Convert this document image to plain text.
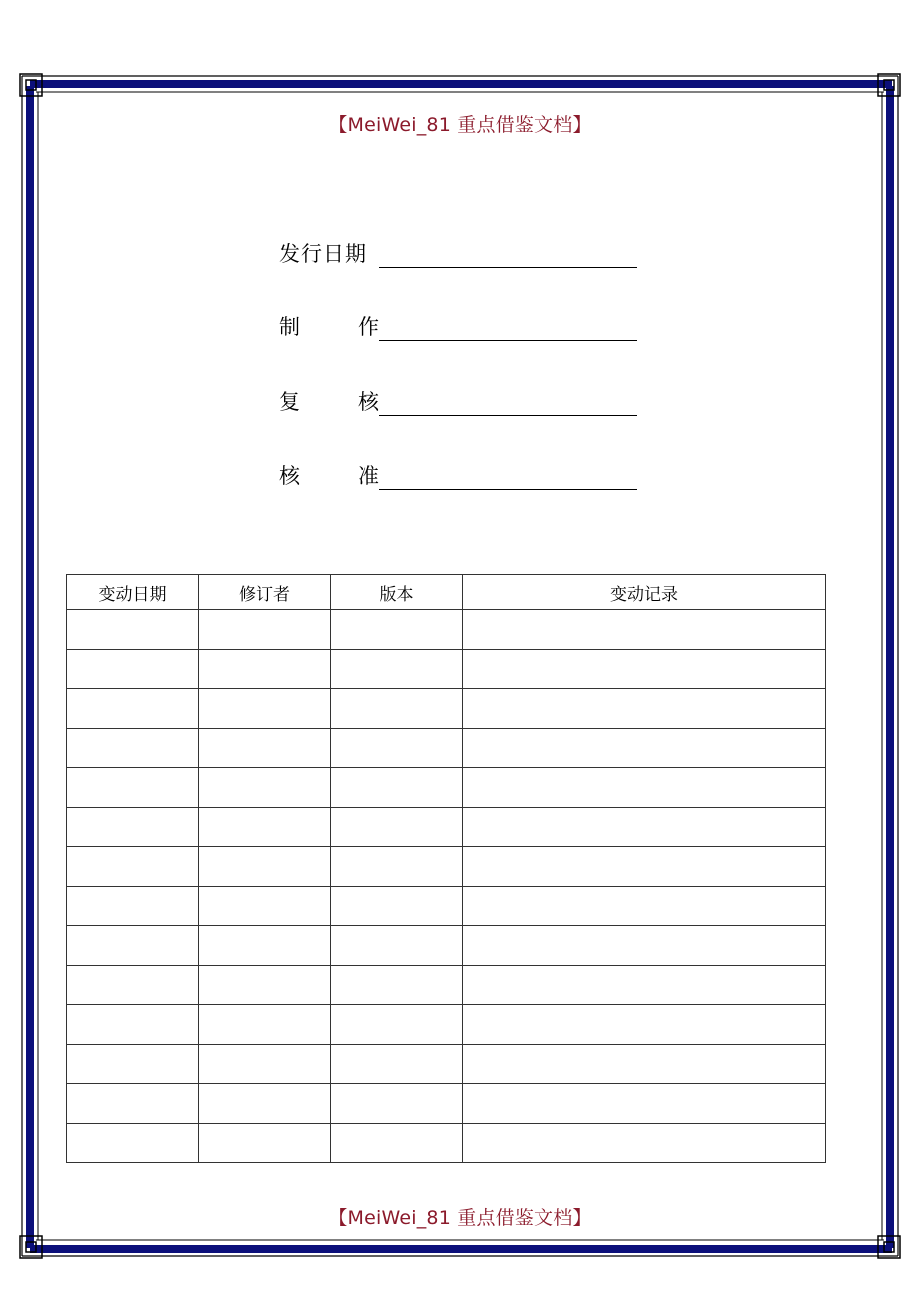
【MeiWei_81 重点借鉴文档】
发行日期
制	作
复	核
核	准
变动日期	修订者	版本	变动记录

【MeiWei_81 重点借鉴文档】
